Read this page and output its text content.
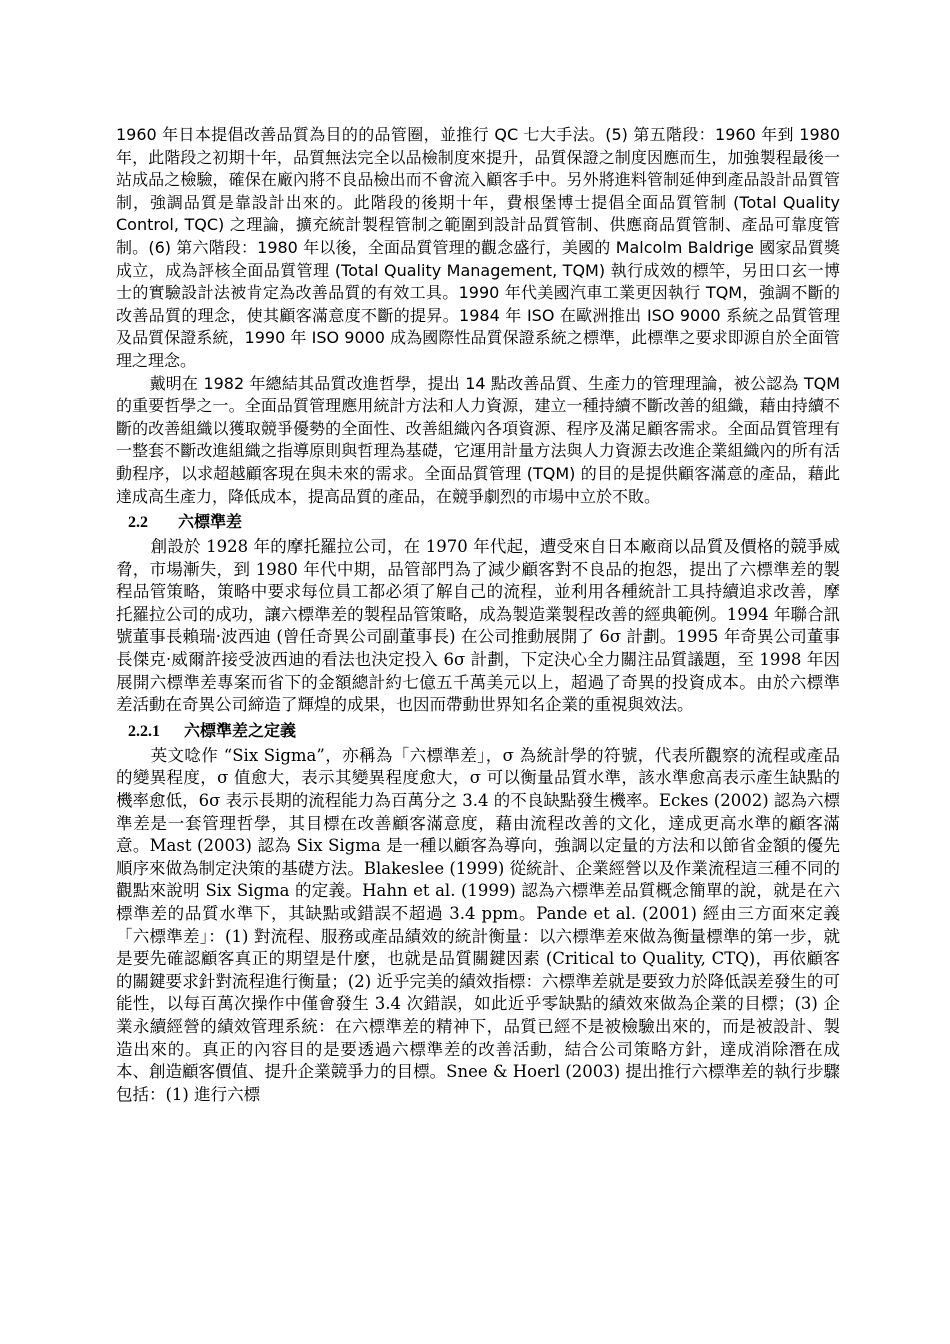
1960 年日本提倡改善品質為目的的品管圈，並推行 QC 七大手法。(5) 第五階段：1960 年到 1980 年，此階段之初期十年，品質無法完全以品檢制度來提升，品質保證之制度因應而生，加強製程最後一站成品之檢驗，確保在廠內將不良品檢出而不會流入顧客手中。另外將進料管制延伸到產品設計品質管制，強調品質是靠設計出來的。此階段的後期十年，費根堡博士提倡全面品質管制 (Total Quality Control, TQC) 之理論，擴充統計製程管制之範圍到設計品質管制、供應商品質管制、產品可靠度管制。(6) 第六階段：1980 年以後，全面品質管理的觀念盛行，美國的 Malcolm Baldrige 國家品質獎成立，成為評核全面品質管理 (Total Quality Management, TQM) 執行成效的標竿，另田口玄一博士的實驗設計法被肯定為改善品質的有效工具。1990 年代美國汽車工業更因執行 TQM，強調不斷的改善品質的理念，使其顧客滿意度不斷的提昇。1984 年 ISO 在歐洲推出 ISO 9000 系統之品質管理及品質保證系統，1990 年 ISO 9000 成為國際性品質保證系統之標準，此標準之要求即源自於全面管理之理念。

戴明在 1982 年總結其品質改進哲學，提出 14 點改善品質、生產力的管理理論，被公認為 TQM 的重要哲學之一。全面品質管理應用統計方法和人力資源，建立一種持續不斷改善的組織，藉由持續不斷的改善組織以獲取競爭優勢的全面性、改善組織內各項資源、程序及滿足顧客需求。全面品質管理有一整套不斷改進組織之指導原則與哲理為基礎，它運用計量方法與人力資源去改進企業組織內的所有活動程序，以求超越顧客現在與未來的需求。全面品質管理 (TQM) 的目的是提供顧客滿意的產品，藉此達成高生產力，降低成本，提高品質的產品，在競爭劇烈的市場中立於不敗。

2.2 六標準差

創設於 1928 年的摩托羅拉公司，在 1970 年代起，遭受來自日本廠商以品質及價格的競爭威脅，市場漸失，到 1980 年代中期，品管部門為了減少顧客對不良品的抱怨，提出了六標準差的製程品管策略，策略中要求每位員工都必須了解自己的流程，並利用各種統計工具持續追求改善，摩托羅拉公司的成功，讓六標準差的製程品管策略，成為製造業製程改善的經典範例。1994 年聯合訊號董事長賴瑞·波西迪 (曾任奇異公司副董事長) 在公司推動展開了 6σ 計劃。1995 年奇異公司董事長傑克·威爾許接受波西迪的看法也決定投入 6σ 計劃，下定決心全力關注品質議題，至 1998 年因展開六標準差專案而省下的金額總計約七億五千萬美元以上，超過了奇異的投資成本。由於六標準差活動在奇異公司締造了輝煌的成果，也因而帶動世界知名企業的重視與效法。

2.2.1 六標準差之定義

英文唸作 “Six Sigma”，亦稱為「六標準差」，σ 為統計學的符號，代表所觀察的流程或產品的變異程度，σ 值愈大，表示其變異程度愈大，σ 可以衡量品質水準，該水準愈高表示產生缺點的機率愈低，6σ 表示長期的流程能力為百萬分之 3.4 的不良缺點發生機率。Eckes (2002) 認為六標準差是一套管理哲學，其目標在改善顧客滿意度，藉由流程改善的文化，達成更高水準的顧客滿意。Mast (2003) 認為 Six Sigma 是一種以顧客為導向，強調以定量的方法和以節省金額的優先順序來做為制定決策的基礎方法。Blakeslee (1999) 從統計、企業經營以及作業流程這三種不同的觀點來說明 Six Sigma 的定義。Hahn et al. (1999) 認為六標準差品質概念簡單的說，就是在六標準差的品質水準下，其缺點或錯誤不超過 3.4 ppm。Pande et al. (2001) 經由三方面來定義「六標準差」：(1) 對流程、服務或產品績效的統計衡量：以六標準差來做為衡量標準的第一步，就是要先確認顧客真正的期望是什麼，也就是品質關鍵因素 (Critical to Quality, CTQ)，再依顧客的關鍵要求針對流程進行衡量；(2) 近乎完美的績效指標：六標準差就是要致力於降低誤差發生的可能性，以每百萬次操作中僅會發生 3.4 次錯誤，如此近乎零缺點的績效來做為企業的目標；(3) 企業永續經營的績效管理系統：在六標準差的精神下，品質已經不是被檢驗出來的，而是被設計、製造出來的。真正的內容目的是要透過六標準差的改善活動，結合公司策略方針，達成消除潛在成本、創造顧客價值、提升企業競爭力的目標。Snee & Hoerl (2003) 提出推行六標準差的執行步驟包括：(1) 進行六標
